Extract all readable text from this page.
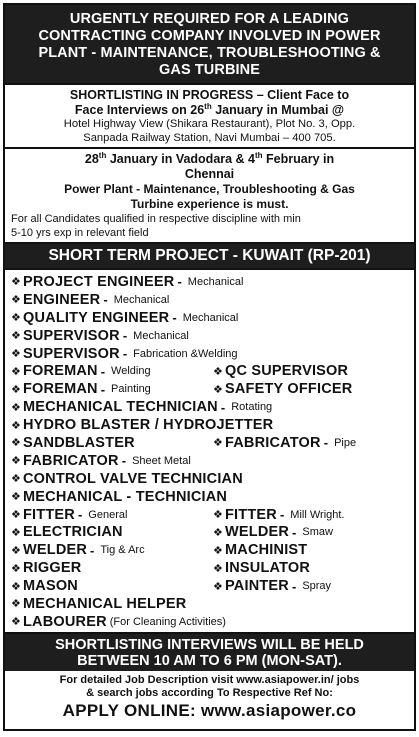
URGENTLY REQUIRED FOR A LEADING
CONTRACTING COMPANY INVOLVED IN POWER
PLANT - MAINTENANCE, TROUBLESHOOTING &
GAS TURBINE
SHORTLISTING IN PROGRESS – Client Face to
Face Interviews on 26th January in Mumbai @
Hotel Highway View (Shikara Restaurant), Plot No. 3, Opp.
Sanpada Railway Station, Navi Mumbai – 400 705.
28th January in Vadodara & 4th February in
Chennai
Power Plant - Maintenance, Troubleshooting & Gas
Turbine experience is must.
For all Candidates qualified in respective discipline with min
5-10 yrs exp in relevant field
SHORT TERM PROJECT - KUWAIT (RP-201)
❖ PROJECT ENGINEER - Mechanical
❖ ENGINEER - Mechanical
❖ QUALITY ENGINEER - Mechanical
❖ SUPERVISOR - Mechanical
❖ SUPERVISOR - Fabrication &Welding
❖ FOREMAN - Welding	❖ QC SUPERVISOR
❖ FOREMAN - Painting	❖ SAFETY OFFICER
❖ MECHANICAL TECHNICIAN - Rotating
❖ HYDRO BLASTER / HYDROJETTER
❖ SANDBLASTER	❖ FABRICATOR - Pipe
❖ FABRICATOR - Sheet Metal
❖ CONTROL VALVE TECHNICIAN
❖ MECHANICAL - TECHNICIAN
❖ FITTER - General	❖ FITTER - Mill Wright.
❖ ELECTRICIAN	❖ WELDER - Smaw
❖ WELDER - Tig & Arc	❖ MACHINIST
❖ RIGGER	❖ INSULATOR
❖ MASON	❖ PAINTER - Spray
❖ MECHANICAL HELPER
❖ LABOURER (For Cleaning Activities)
SHORTLISTING INTERVIEWS WILL BE HELD
BETWEEN 10 AM TO 6 PM (MON-SAT).
For detailed Job Description visit www.asiapower.in/ jobs
& search jobs according To Respective Ref No:
APPLY ONLINE: www.asiapower.co
